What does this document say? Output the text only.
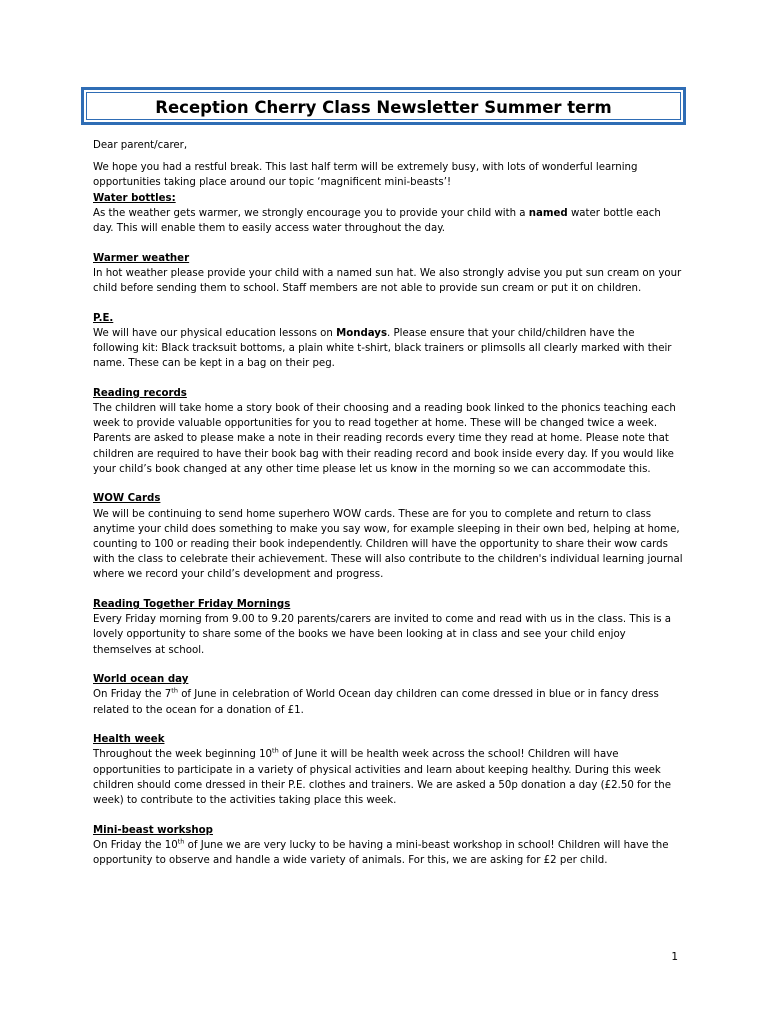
Reception Cherry Class Newsletter Summer term

Dear parent/carer,

We hope you had a restful break. This last half term will be extremely busy, with lots of wonderful learning opportunities taking place around our topic ‘magnificent mini-beasts’!

Water bottles:

As the weather gets warmer, we strongly encourage you to provide your child with a named water bottle each day. This will enable them to easily access water throughout the day.

Warmer weather

In hot weather please provide your child with a named sun hat. We also strongly advise you put sun cream on your child before sending them to school. Staff members are not able to provide sun cream or put it on children.

P.E.

We will have our physical education lessons on Mondays. Please ensure that your child/children have the following kit: Black tracksuit bottoms, a plain white t-shirt, black trainers or plimsolls all clearly marked with their name. These can be kept in a bag on their peg.

Reading records

The children will take home a story book of their choosing and a reading book linked to the phonics teaching each week to provide valuable opportunities for you to read together at home. These will be changed twice a week. Parents are asked to please make a note in their reading records every time they read at home. Please note that children are required to have their book bag with their reading record and book inside every day. If you would like your child’s book changed at any other time please let us know in the morning so we can accommodate this.

WOW Cards

We will be continuing to send home superhero WOW cards. These are for you to complete and return to class anytime your child does something to make you say wow, for example sleeping in their own bed, helping at home, counting to 100 or reading their book independently. Children will have the opportunity to share their wow cards with the class to celebrate their achievement. These will also contribute to the children's individual learning journal where we record your child’s development and progress.

Reading Together Friday Mornings

Every Friday morning from 9.00 to 9.20 parents/carers are invited to come and read with us in the class. This is a lovely opportunity to share some of the books we have been looking at in class and see your child enjoy themselves at school.

World ocean day

On Friday the 7th of June in celebration of World Ocean day children can come dressed in blue or in fancy dress related to the ocean for a donation of £1.

Health week

Throughout the week beginning 10th of June it will be health week across the school! Children will have opportunities to participate in a variety of physical activities and learn about keeping healthy. During this week children should come dressed in their P.E. clothes and trainers. We are asked a 50p donation a day (£2.50 for the week) to contribute to the activities taking place this week.

Mini-beast workshop

On Friday the 10th of June we are very lucky to be having a mini-beast workshop in school! Children will have the opportunity to observe and handle a wide variety of animals. For this, we are asking for £2 per child.

1
